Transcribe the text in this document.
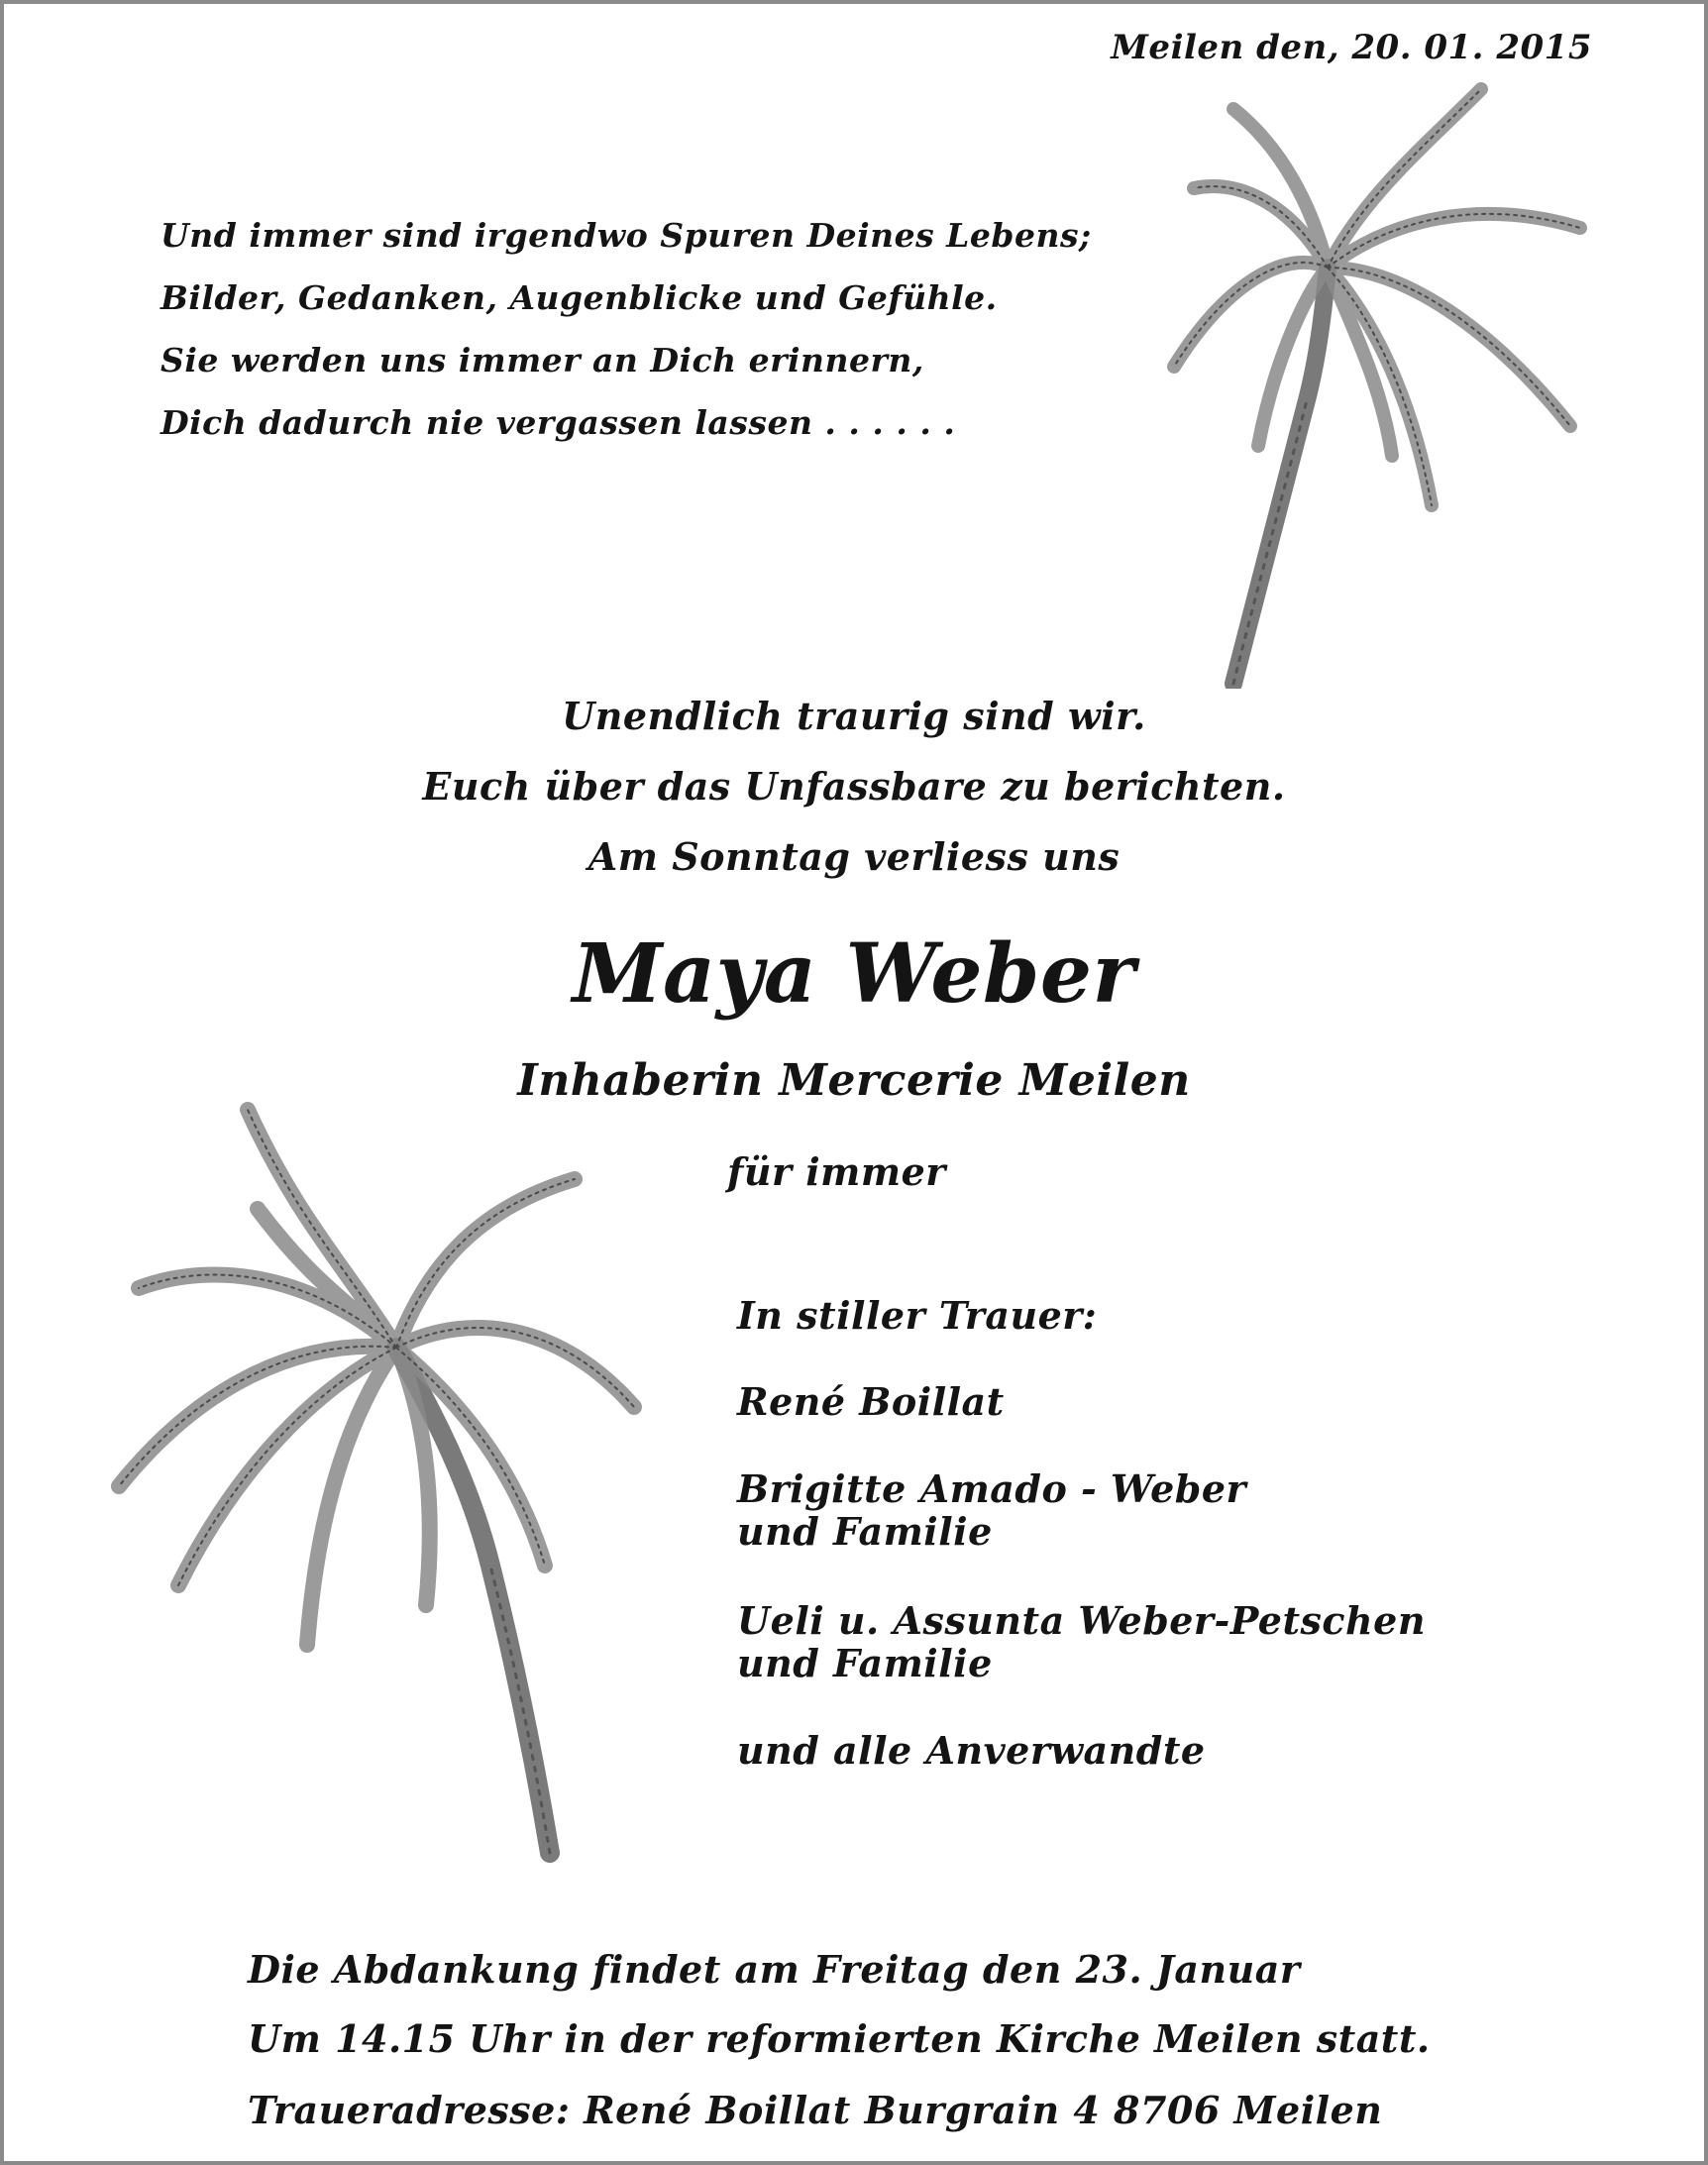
Meilen den, 20. 01. 2015
Und immer sind irgendwo Spuren Deines Lebens;
Bilder, Gedanken, Augenblicke und Gefühle.
Sie werden uns immer an Dich erinnern,
Dich dadurch nie vergassen lassen . . . . . .
Unendlich traurig sind wir.
Euch über das Unfassbare zu berichten.
Am Sonntag verliess uns
Maya Weber
Inhaberin Mercerie Meilen
für immer
In stiller Trauer:
René Boillat
Brigitte Amado - Weber
und Familie
Ueli u. Assunta Weber-Petschen
und Familie
und alle Anverwandte
Die Abdankung findet am Freitag den 23. Januar
Um 14.15 Uhr in der reformierten Kirche Meilen statt.
Traueradresse: René Boillat Burgrain 4 8706 Meilen
